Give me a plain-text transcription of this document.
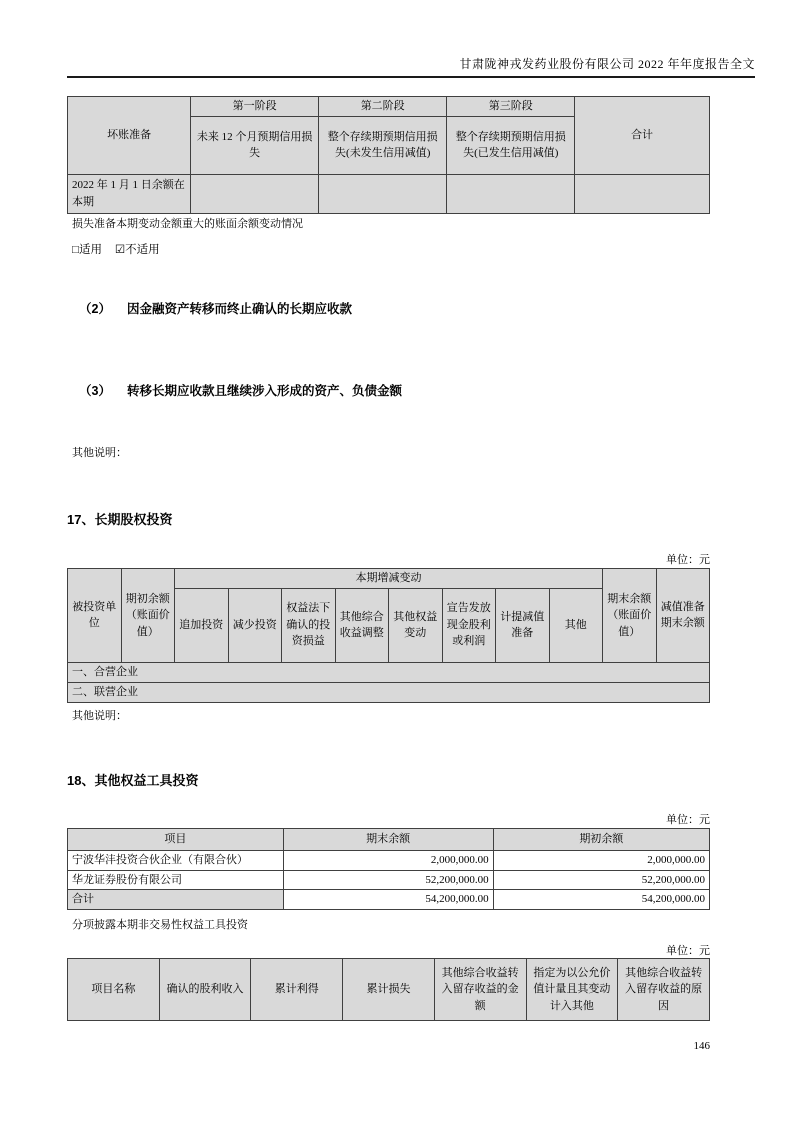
甘肃陇神戎发药业股份有限公司 2022 年年度报告全文
坏账准备	第一阶段	第二阶段	第三阶段	合计
	未来 12 个月预期信用损失	整个存续期预期信用损失(未发生信用减值)	整个存续期预期信用损失(已发生信用减值)	
2022 年 1 月 1 日余额在本期				
损失准备本期变动金额重大的账面余额变动情况
□适用 ☑不适用
（2） 因金融资产转移而终止确认的长期应收款
（3） 转移长期应收款且继续涉入形成的资产、负债金额
其他说明：
17、长期股权投资
单位：元
被投资单位	期初余额（账面价值）	本期增减变动								期末余额（账面价值）	减值准备期末余额
		追加投资	减少投资	权益法下确认的投资损益	其他综合收益调整	其他权益变动	宣告发放现金股利或利润	计提减值准备	其他		
一、合营企业											
二、联营企业											
其他说明：
18、其他权益工具投资
单位：元
项目	期末余额	期初余额
宁波华沣投资合伙企业（有限合伙）	2,000,000.00	2,000,000.00
华龙证券股份有限公司	52,200,000.00	52,200,000.00
合计	54,200,000.00	54,200,000.00
分项披露本期非交易性权益工具投资
单位：元
项目名称	确认的股利收入	累计利得	累计损失	其他综合收益转入留存收益的金额	指定为以公允价值计量且其变动计入其他	其他综合收益转入留存收益的原因
146
